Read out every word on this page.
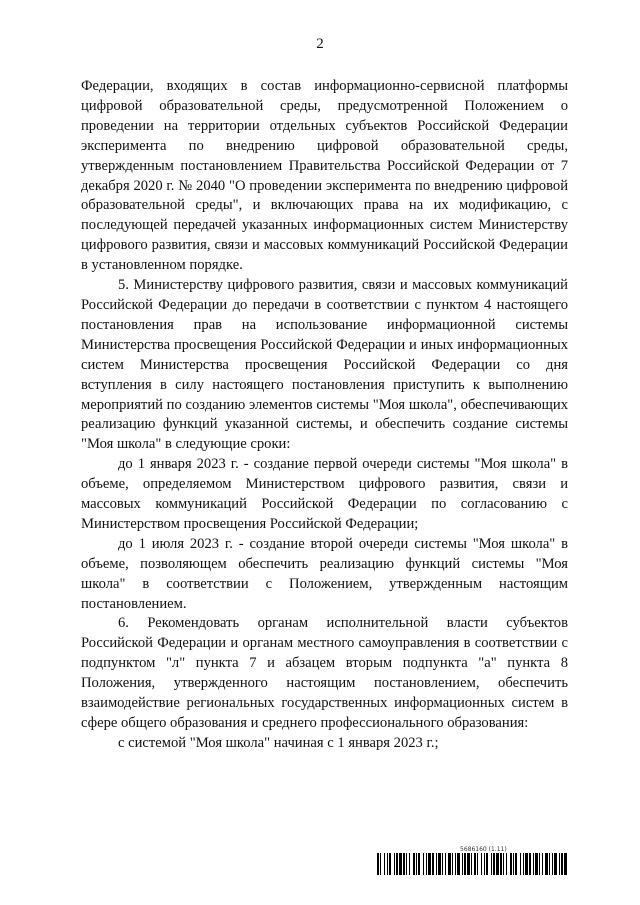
2

Федерации, входящих в состав информационно-сервисной платформы цифровой образовательной среды, предусмотренной Положением о проведении на территории отдельных субъектов Российской Федерации эксперимента по внедрению цифровой образовательной среды, утвержденным постановлением Правительства Российской Федерации от 7 декабря 2020 г. № 2040 "О проведении эксперимента по внедрению цифровой образовательной среды", и включающих права на их модификацию, с последующей передачей указанных информационных систем Министерству цифрового развития, связи и массовых коммуникаций Российской Федерации в установленном порядке.

5. Министерству цифрового развития, связи и массовых коммуникаций Российской Федерации до передачи в соответствии с пунктом 4 настоящего постановления прав на использование информационной системы Министерства просвещения Российской Федерации и иных информационных систем Министерства просвещения Российской Федерации со дня вступления в силу настоящего постановления приступить к выполнению мероприятий по созданию элементов системы "Моя школа", обеспечивающих реализацию функций указанной системы, и обеспечить создание системы "Моя школа" в следующие сроки:

до 1 января 2023 г. - создание первой очереди системы "Моя школа" в объеме, определяемом Министерством цифрового развития, связи и массовых коммуникаций Российской Федерации по согласованию с Министерством просвещения Российской Федерации;

до 1 июля 2023 г. - создание второй очереди системы "Моя школа" в объеме, позволяющем обеспечить реализацию функций системы "Моя школа" в соответствии с Положением, утвержденным настоящим постановлением.

6. Рекомендовать органам исполнительной власти субъектов Российской Федерации и органам местного самоуправления в соответствии с подпунктом "л" пункта 7 и абзацем вторым подпункта "а" пункта 8 Положения, утвержденного настоящим постановлением, обеспечить взаимодействие региональных государственных информационных систем в сфере общего образования и среднего профессионального образования:

с системой "Моя школа" начиная с 1 января 2023 г.;

5686160 (1.11)
